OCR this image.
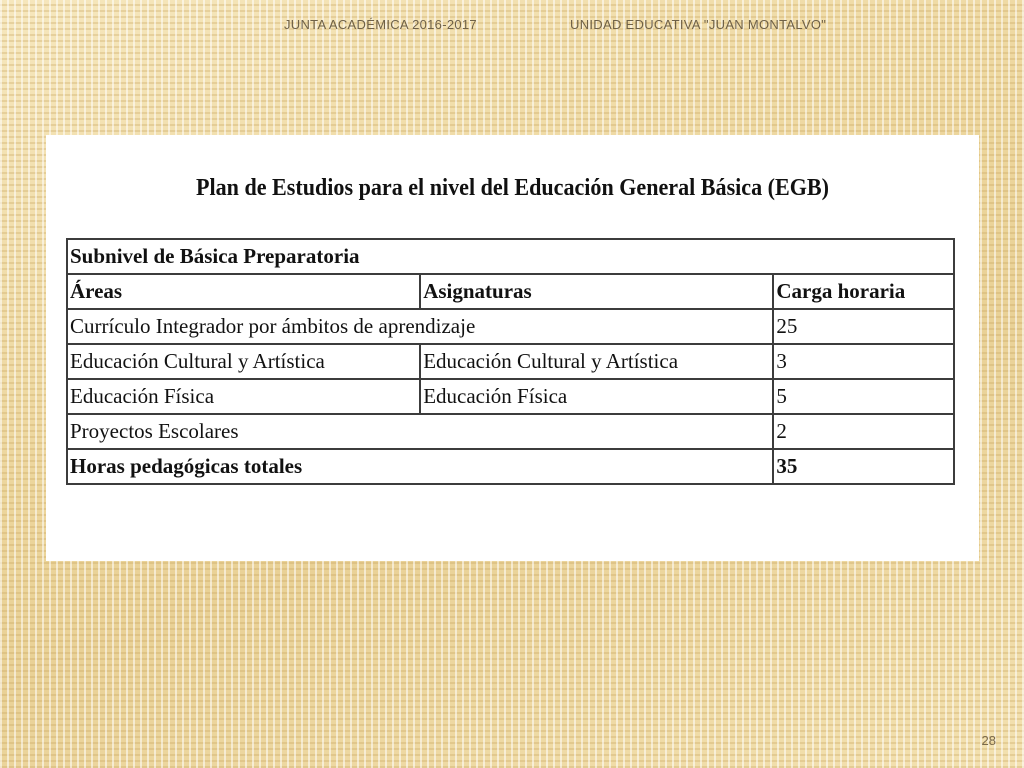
JUNTA ACADÉMICA 2016-2017	UNIDAD EDUCATIVA "JUAN MONTALVO"
Plan de Estudios para el nivel del Educación General Básica (EGB)
Subnivel de Básica Preparatoria		
Áreas	Asignaturas	Carga horaria
Currículo Integrador por ámbitos de aprendizaje		25
Educación Cultural y Artística	Educación Cultural y Artística	3
Educación Física	Educación Física	5
Proyectos Escolares		2
Horas pedagógicas totales		35
28
